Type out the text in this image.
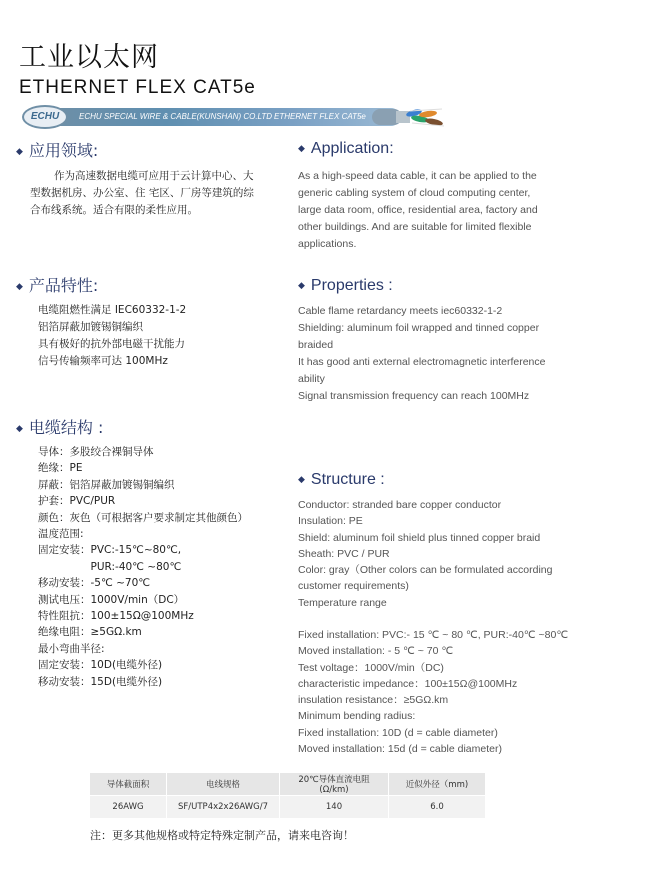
工业以太网
ETHERNET FLEX CAT5e
ECHU	ECHU SPECIAL WIRE & CABLE(KUNSHAN) CO.LTD ETHERNET FLEX CAT5e
◆ 应用领域:	◆ Application:
作为高速数据电缆可应用于云计算中心、大
型数据机房、办公室、住 宅区、厂房等建筑的综
合布线系统。适合有限的柔性应用。
As a high-speed data cable, it can be applied to the
generic cabling system of cloud computing center,
large data room, office, residential area, factory and
other buildings. And are suitable for limited flexible
applications.
◆ 产品特性:	◆ Properties :
电缆阻燃性满足 IEC60332-1-2
铝箔屏蔽加镀锡铜编织
具有极好的抗外部电磁干扰能力
信号传输频率可达 100MHz
Cable flame retardancy meets iec60332-1-2
Shielding: aluminum foil wrapped and tinned copper
braided
It has good anti external electromagnetic interference
ability
Signal transmission frequency can reach 100MHz
◆ 电缆结构 :
◆ Structure :
导体：多股绞合裸铜导体
绝缘：PE
屏蔽：铝箔屏蔽加镀锡铜编织
护套：PVC/PUR
颜色：灰色（可根据客户要求制定其他颜色）
温度范围:
固定安装：PVC:-15℃~80℃,
　　　　　PUR:-40℃ ~80℃
移动安装：-5℃ ~70℃
测试电压：1000V/min（DC）
特性阻抗：100±15Ω@100MHz
绝缘电阻：≥5GΩ.km
最小弯曲半径:
固定安装：10D(电缆外径)
移动安装：15D(电缆外径)
Conductor: stranded bare copper conductor
Insulation: PE
Shield: aluminum foil shield plus tinned copper braid
Sheath: PVC / PUR
Color: gray（Other colors can be formulated according
customer requirements)
Temperature range
Fixed installation: PVC:- 15 ℃ ~ 80 ℃, PUR:-40℃ ~80℃
Moved installation: - 5 ℃ ~ 70 ℃
Test voltage：1000V/min（DC)
characteristic impedance：100±15Ω@100MHz
insulation resistance：≥5GΩ.km
Minimum bending radius:
Fixed installation: 10D (d = cable diameter)
Moved installation: 15d (d = cable diameter)
导体截面积	电线规格	20℃导体直流电阻 (Ω/km)	近似外径（mm)
26AWG	SF/UTP4x2x26AWG/7	140	6.0
注：更多其他规格或特定特殊定制产品，请来电咨询！
